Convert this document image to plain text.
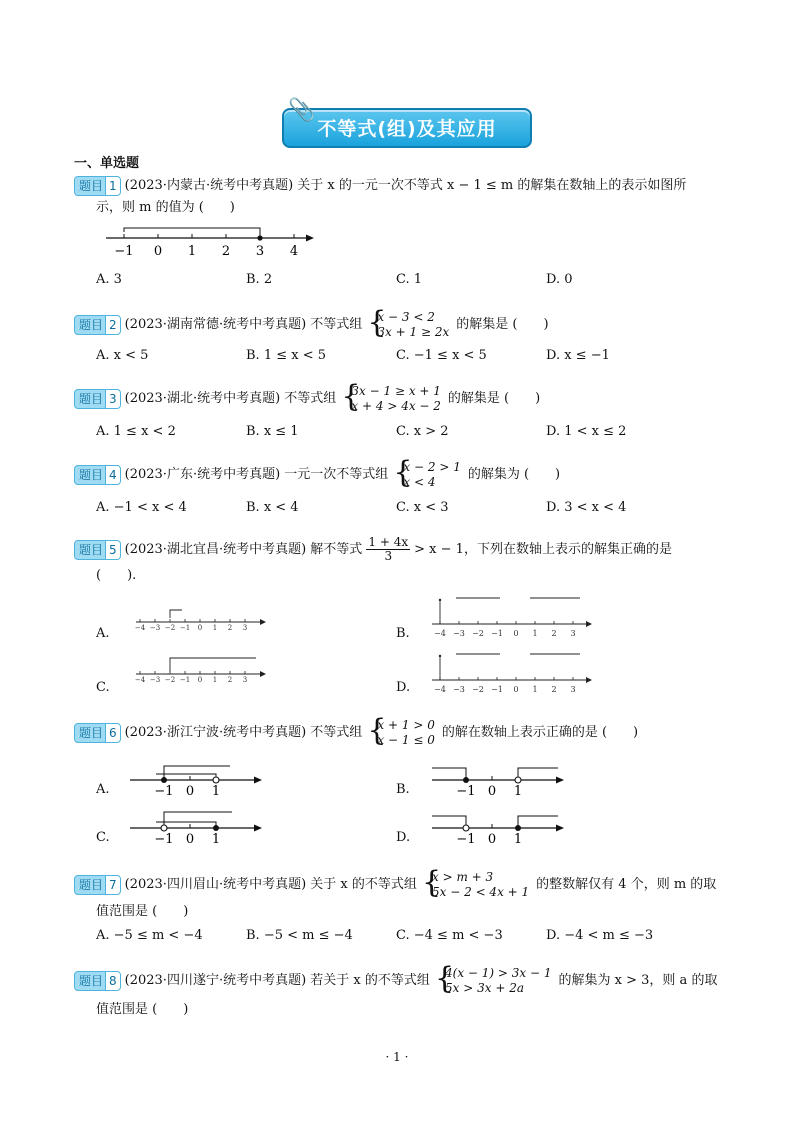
📎
不等式(组)及其应用
一、单选题
题目 1 (2023·内蒙古·统考中考真题) 关于 x 的一元一次不等式 x − 1 ≤ m 的解集在数轴上的表示如图所
示，则 m 的值为 (　　)
−1 0 1 2 3 4
A. 3	B. 2	C. 1	D. 0
题目 2 (2023·湖南常德·统考中考真题) 不等式组 { x − 3 < 2
3x + 1 ≥ 2x 的解集是 (　　)
A. x < 5	B. 1 ≤ x < 5	C. −1 ≤ x < 5	D. x ≤ −1
题目 3 (2023·湖北·统考中考真题) 不等式组 { 3x − 1 ≥ x + 1
x + 4 > 4x − 2 的解集是 (　　)
A. 1 ≤ x < 2	B. x ≤ 1	C. x > 2	D. 1 < x ≤ 2
题目 4 (2023·广东·统考中考真题) 一元一次不等式组 { x − 2 > 1
x < 4	的解集为 (　　)
A. −1 < x < 4	B. x < 4	C. x < 3	D. 3 < x < 4
题目 5 (2023·湖北宜昌·统考中考真题) 解不等式 $\frac{1 + 4x}{3} > x - 1$，下列在数轴上表示的解集正确的是
(　　).
A.	B.
C.	D.
−4 −3 −2 −1 0 1 2 3
−4 −3 −2 −1 0 1 2 3
−4 −3 −2 −1 0 1 2 3
−4 −3 −2 −1 0 1 2 3
题目 6 (2023·浙江宁波·统考中考真题) 不等式组 { x + 1 > 0
x − 1 ≤ 0 的解在数轴上表示正确的是 (　　)
A.	B.
C.	D.
−1 0 1	−1 0 1
−1 0 1	−1 0 1
题目 7 (2023·四川眉山·统考中考真题) 关于 x 的不等式组 { x > m + 3
5x − 2 < 4x + 1 的整数解仅有 4 个，则 m 的取
值范围是 (　　)
A. −5 ≤ m < −4	B. −5 < m ≤ −4	C. −4 ≤ m < −3	D. −4 < m ≤ −3
题目 8 (2023·四川遂宁·统考中考真题) 若关于 x 的不等式组 { 4(x − 1) > 3x − 1
5x > 3x + 2a	的解集为 x > 3，则 a 的取
值范围是 (　　)
· 1 ·
